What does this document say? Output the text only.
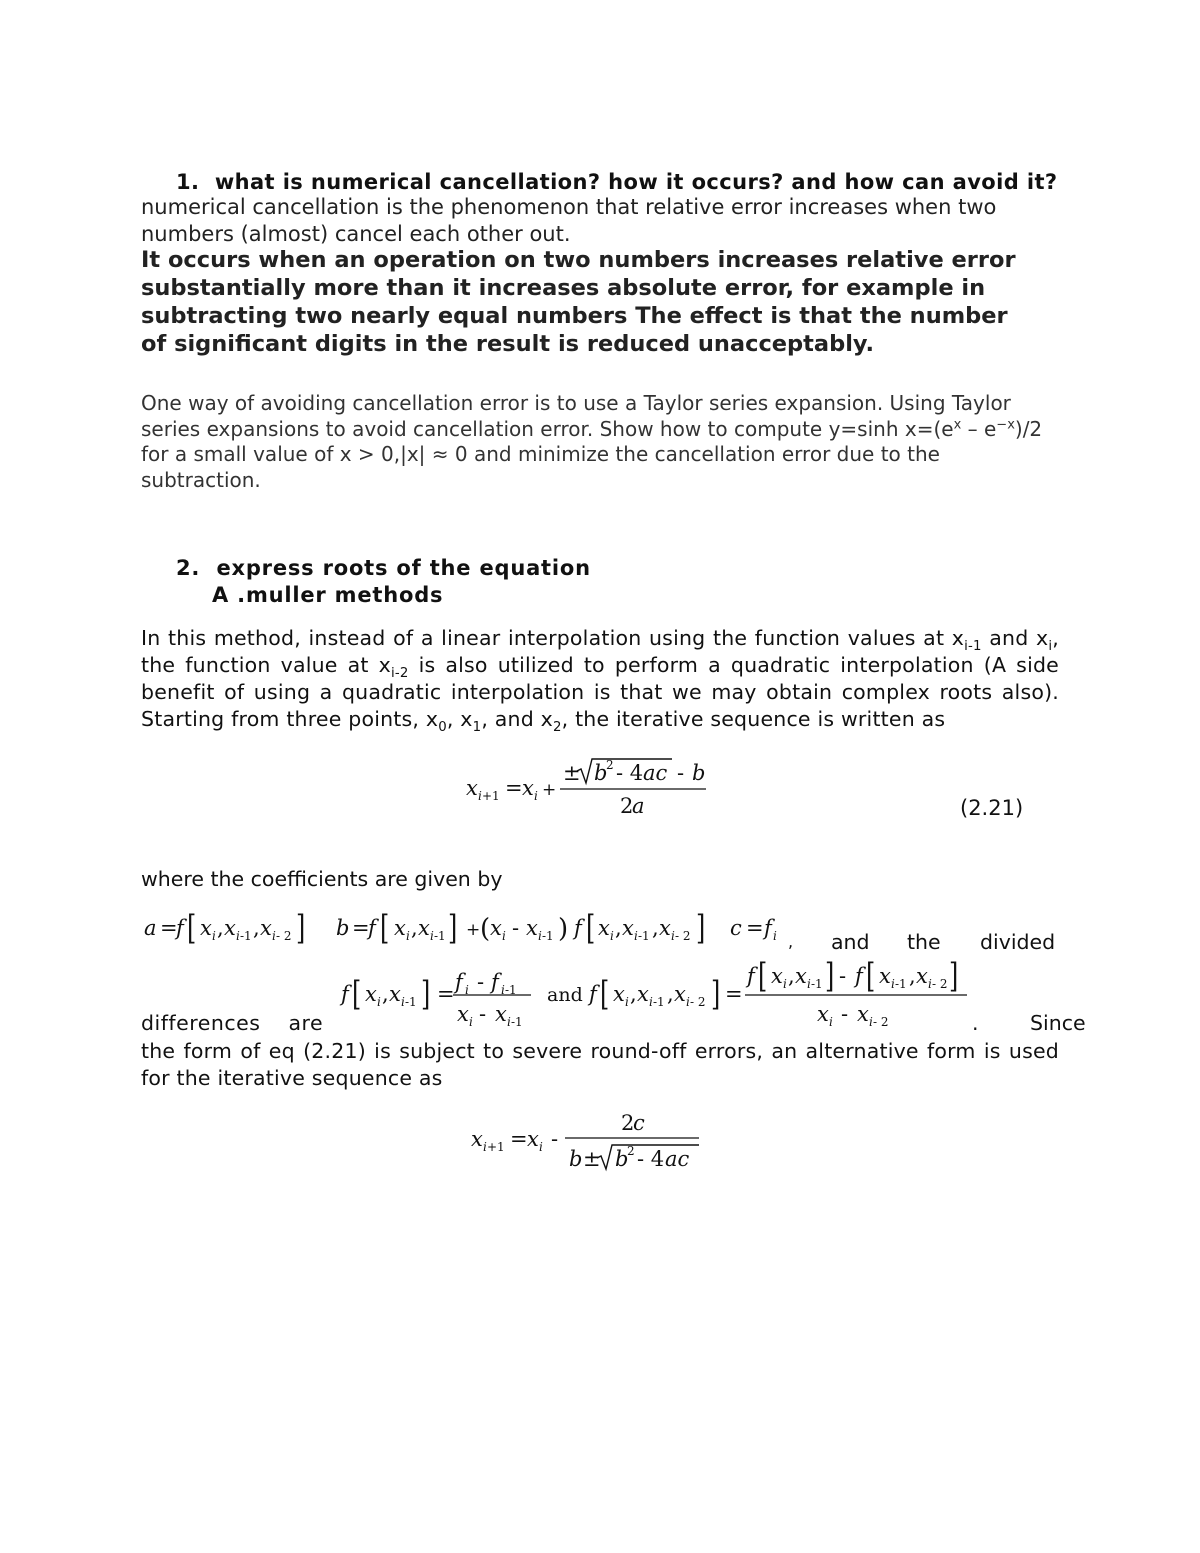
1. what is numerical cancellation? how it occurs? and how can avoid it?
numerical cancellation is the phenomenon that relative error increases when two numbers (almost) cancel each other out.
It occurs when an operation on two numbers increases relative error substantially more than it increases absolute error, for example in subtracting two nearly equal numbers The effect is that the number of significant digits in the result is reduced unacceptably.
One way of avoiding cancellation error is to use a Taylor series expansion. Using Taylor series expansions to avoid cancellation error. Show how to compute y=sinh $x=(e^x - e^{-x})/2$ for a small value of x > 0,|x| ≈ 0 and minimize the cancellation error due to the subtraction.
2. express roots of the equation
A .muller methods
In this method, instead of a linear interpolation using the function values at $x_{i-1}$ and $x_i$, the function value at $x_{i-2}$ is also utilized to perform a quadratic interpolation (A side benefit of using a quadratic interpolation is that we may obtain complex roots also). Starting from three points, $x_0$, $x_1$, and $x_2$, the iterative sequence is written as
x i +1 = x i +
± b
2 - 4 ac - b
2
a	(2.21)
where the coefficients are given by
a =
f [ x i , x i -1 , x i - 2 ] b =
f [ x i , x i -1 ] + ( x i - x i -1 ) f [ x i , x i -1 , x i - 2 ] c = f i , and the divided
f [ x i , x i -1 ] = f i - f i -1
x i - x i -1
and f [ x i , x i -1 , x i - 2 ] =
f [ x i , x i -1 ] - f [ x i -1 , x i - 2 ]
x i - x i - 2
differences are	.	Since
the form of eq (2.21) is subject to severe round-off errors, an alternative form is used for the iterative sequence as
x i +1 = x i -
2
c
b ± b
2 - 4 ac
